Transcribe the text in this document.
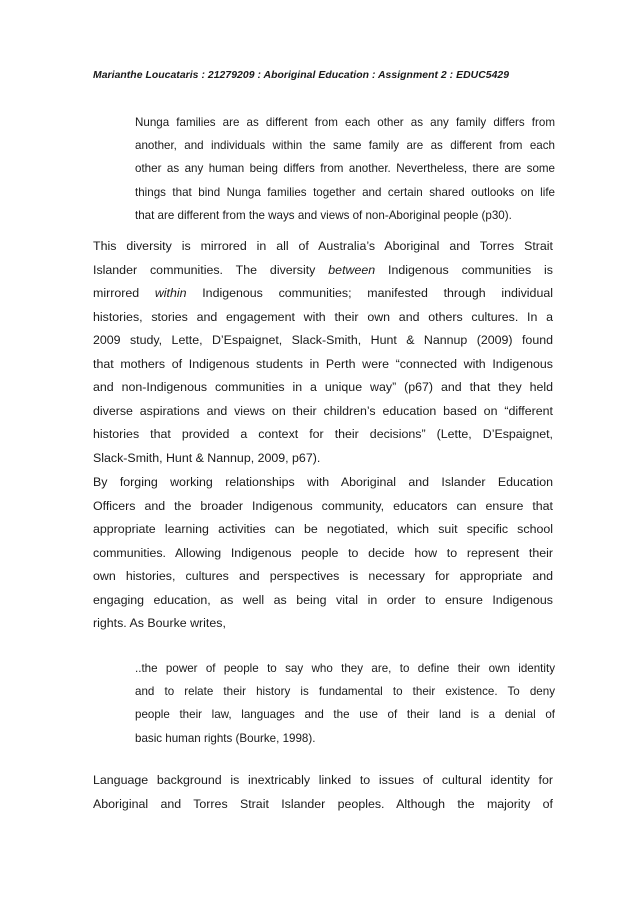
Marianthe Loucataris : 21279209 : Aboriginal Education : Assignment 2 : EDUC5429
Nunga families are as different from each other as any family differs from
another, and individuals within the same family are as different from each
other as any human being differs from another. Nevertheless, there are some
things that bind Nunga families together and certain shared outlooks on life
that are different from the ways and views of non-Aboriginal people (p30).
This diversity is mirrored in all of Australia’s Aboriginal and Torres Strait
Islander communities. The diversity between Indigenous communities is
mirrored within Indigenous communities; manifested through individual
histories, stories and engagement with their own and others cultures. In a
2009 study, Lette, D’Espaignet, Slack-Smith, Hunt & Nannup (2009) found
that mothers of Indigenous students in Perth were “connected with Indigenous
and non-Indigenous communities in a unique way” (p67) and that they held
diverse aspirations and views on their children’s education based on “different
histories that provided a context for their decisions” (Lette, D’Espaignet,
Slack-Smith, Hunt & Nannup, 2009, p67).
By forging working relationships with Aboriginal and Islander Education
Officers and the broader Indigenous community, educators can ensure that
appropriate learning activities can be negotiated, which suit specific school
communities. Allowing Indigenous people to decide how to represent their
own histories, cultures and perspectives is necessary for appropriate and
engaging education, as well as being vital in order to ensure Indigenous
rights. As Bourke writes,
..the power of people to say who they are, to define their own identity
and to relate their history is fundamental to their existence. To deny
people their law, languages and the use of their land is a denial of
basic human rights (Bourke, 1998).
Language background is inextricably linked to issues of cultural identity for
Aboriginal and Torres Strait Islander peoples. Although the majority of
